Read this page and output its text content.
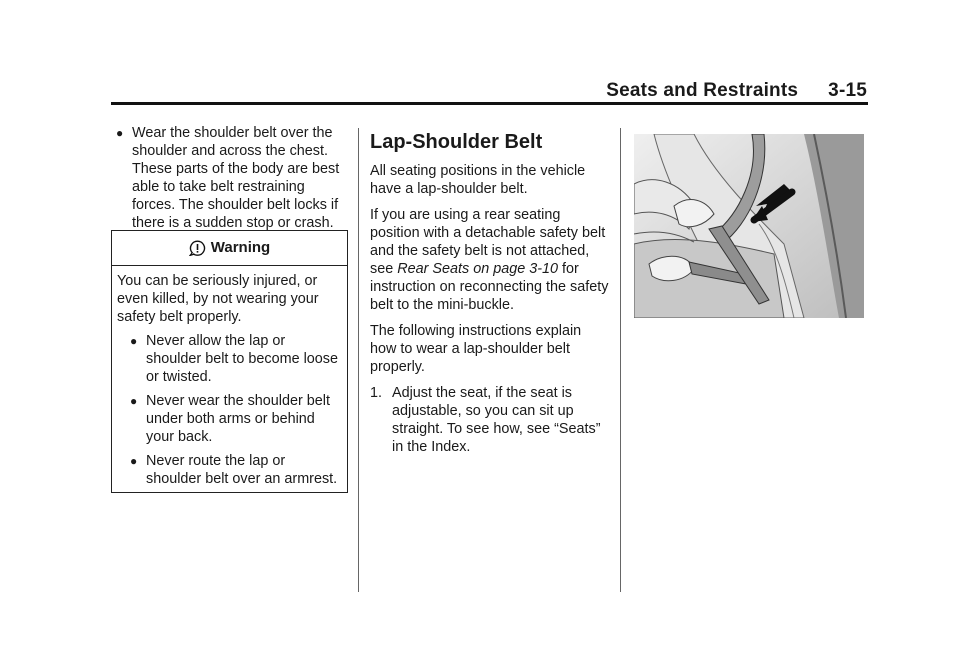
Seats and Restraints 3-15
● Wear the shoulder belt over the shoulder and across the chest. These parts of the body are best able to take belt restraining forces. The shoulder belt locks if there is a sudden stop or crash.
Warning

You can be seriously injured, or even killed, by not wearing your safety belt properly.

● Never allow the lap or shoulder belt to become loose or twisted.
● Never wear the shoulder belt under both arms or behind your back.
● Never route the lap or shoulder belt over an armrest.
Lap-Shoulder Belt

All seating positions in the vehicle have a lap-shoulder belt.

If you are using a rear seating position with a detachable safety belt and the safety belt is not attached, see Rear Seats on page 3-10 for instruction on reconnecting the safety belt to the mini-buckle.

The following instructions explain how to wear a lap-shoulder belt properly.

1. Adjust the seat, if the seat is adjustable, so you can sit up straight. To see how, see “Seats” in the Index.
